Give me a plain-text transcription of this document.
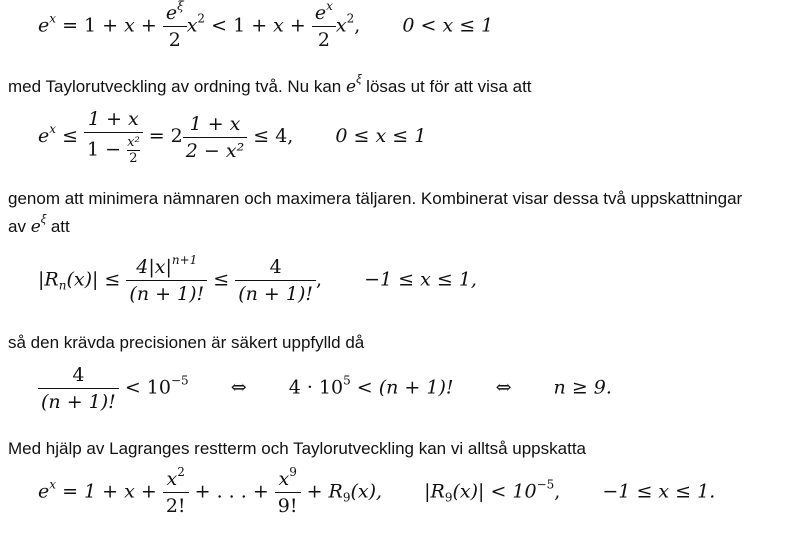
$e^x = 1 + x + \frac{e^\xi}{2} x^2 < 1 + x + \frac{e^x}{2} x^2$, 0 < x ≤ 1
med Taylorutveckling av ordning två. Nu kan $e^\xi$ lösas ut för att visa att
$e^x \le \frac{1 + x}{1 - \frac{\text{x²}}{2}} = 2 \frac{1 + x}{\text{2 − x²}} \le 4$, 0 ≤ x ≤ 1
genom att minimera nämnaren och maximera täljaren. Kombinerat visar dessa två uppskattningar
av $e^\xi$ att
$|R_n(x)| \le \frac{4|x|^{n+1}}{(n + 1)!} \le \frac{4}{(n + 1)!}$ , −1 ≤ x ≤ 1,
så den krävda precisionen är säkert uppfylld då
$\frac{4}{(n + 1)!} < 10^{-5}$ ⇔ $4 \cdot 10^5 < (n + 1)$! ⇔ n ≥ 9.
Med hjälp av Lagranges restterm och Taylorutveckling kan vi alltså uppskatta
$e^x = 1 + x + \frac{x^2}{2!}$ + . . . + $\frac{x^9}{9!} + R_9(x)$, $|R_9(x)| < 10^{-5}$, −1 ≤ x ≤ 1.
